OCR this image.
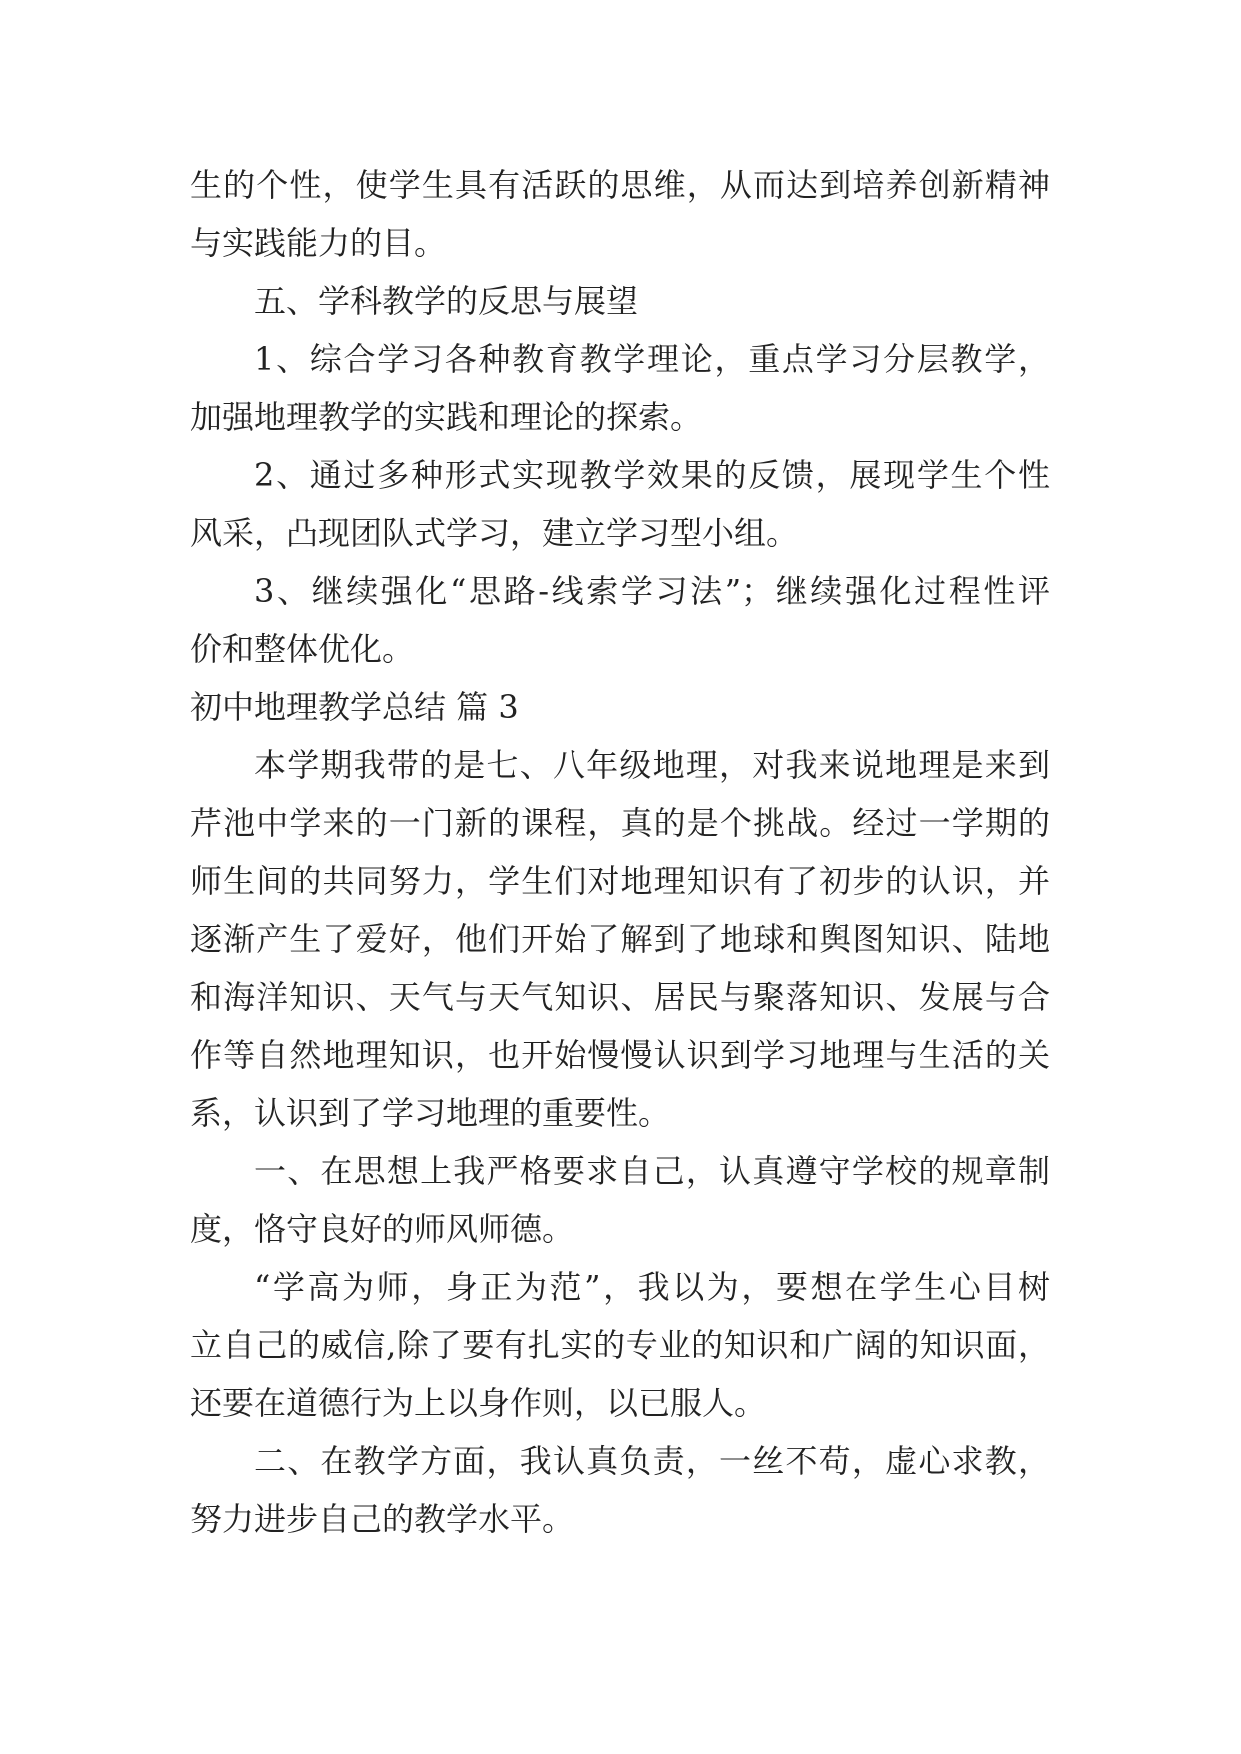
生的个性，使学生具有活跃的思维，从而达到培养创新精神
与实践能力的目。
五、学科教学的反思与展望
1、综合学习各种教育教学理论，重点学习分层教学，
加强地理教学的实践和理论的探索。
2、通过多种形式实现教学效果的反馈，展现学生个性
风采，凸现团队式学习，建立学习型小组。
3、继续强化“思路-线索学习法”；继续强化过程性评
价和整体优化。
初中地理教学总结 篇 3
本学期我带的是七、八年级地理，对我来说地理是来到
芹池中学来的一门新的课程，真的是个挑战。经过一学期的
师生间的共同努力，学生们对地理知识有了初步的认识，并
逐渐产生了爱好，他们开始了解到了地球和舆图知识、陆地
和海洋知识、天气与天气知识、居民与聚落知识、发展与合
作等自然地理知识，也开始慢慢认识到学习地理与生活的关
系，认识到了学习地理的重要性。
一、在思想上我严格要求自己，认真遵守学校的规章制
度，恪守良好的师风师德。
“学高为师，身正为范”，我以为，要想在学生心目树
立自己的威信,除了要有扎实的专业的知识和广阔的知识面，
还要在道德行为上以身作则，以已服人。
二、在教学方面，我认真负责，一丝不苟，虚心求教，
努力进步自己的教学水平。
